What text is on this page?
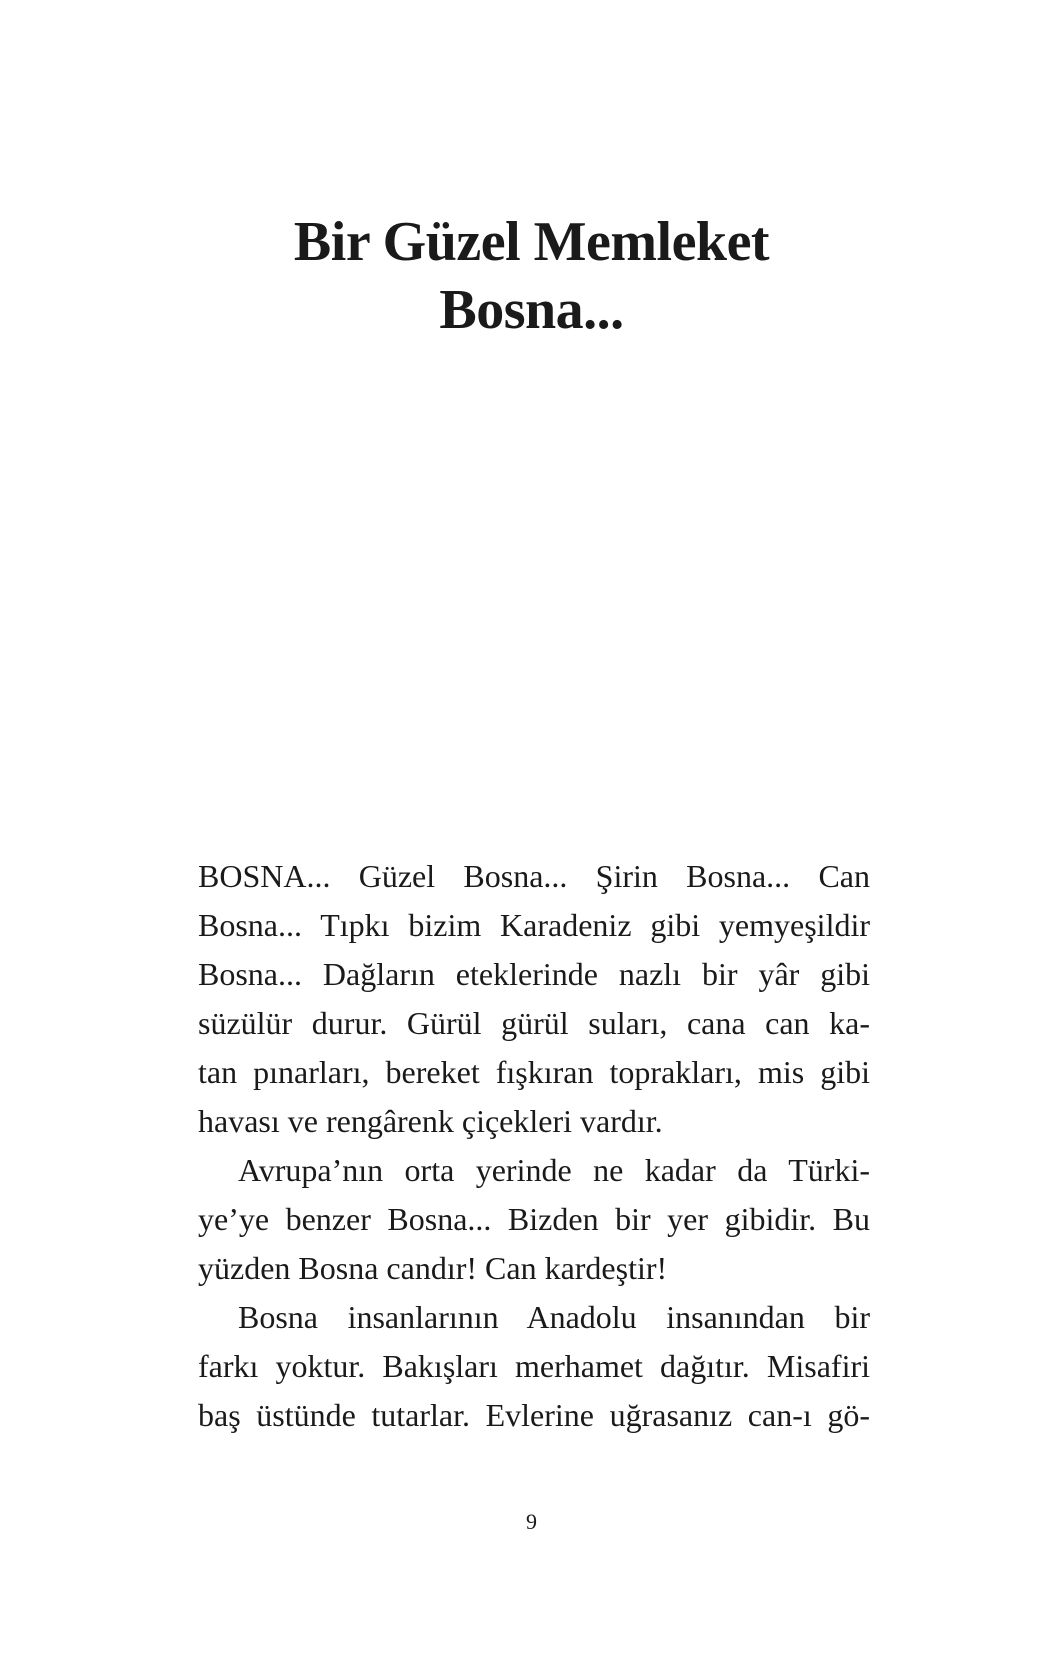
Bir Güzel Memleket
Bosna...
BOSNA... Güzel Bosna... Şirin Bosna... Can
Bosna... Tıpkı bizim Karadeniz gibi yemyeşildir
Bosna... Dağların eteklerinde nazlı bir yâr gibi
süzülür durur. Gürül gürül suları, cana can ka-
tan pınarları, bereket fışkıran toprakları, mis gibi
havası ve rengârenk çiçekleri vardır.
Avrupa’nın orta yerinde ne kadar da Türki-
ye’ye benzer Bosna... Bizden bir yer gibidir. Bu
yüzden Bosna candır! Can kardeştir!
Bosna insanlarının Anadolu insanından bir
farkı yoktur. Bakışları merhamet dağıtır. Misafiri
baş üstünde tutarlar. Evlerine uğrasanız can-ı gö-
9
